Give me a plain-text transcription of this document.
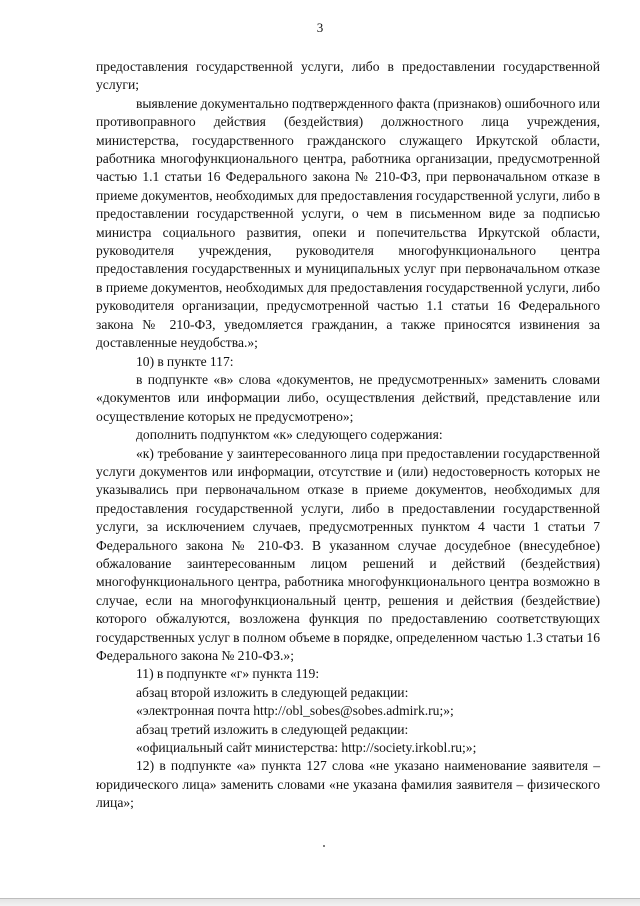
3

предоставления государственной услуги, либо в предоставлении государственной услуги;

выявление документально подтвержденного факта (признаков) ошибочного или противоправного действия (бездействия) должностного лица учреждения, министерства, государственного гражданского служащего Иркутской области, работника многофункционального центра, работника организации, предусмотренной частью 1.1 статьи 16 Федерального закона № 210-ФЗ, при первоначальном отказе в приеме документов, необходимых для предоставления государственной услуги, либо в предоставлении государственной услуги, о чем в письменном виде за подписью министра социального развития, опеки и попечительства Иркутской области, руководителя учреждения, руководителя многофункционального центра предоставления государственных и муниципальных услуг при первоначальном отказе в приеме документов, необходимых для предоставления государственной услуги, либо руководителя организации, предусмотренной частью 1.1 статьи 16 Федерального закона № 210-ФЗ, уведомляется гражданин, а также приносятся извинения за доставленные неудобства.»;

10) в пункте 117:

в подпункте «в» слова «документов, не предусмотренных» заменить словами «документов или информации либо, осуществления действий, представление или осуществление которых не предусмотрено»;

дополнить подпунктом «к» следующего содержания:

«к) требование у заинтересованного лица при предоставлении государственной услуги документов или информации, отсутствие и (или) недостоверность которых не указывались при первоначальном отказе в приеме документов, необходимых для предоставления государственной услуги, либо в предоставлении государственной услуги, за исключением случаев, предусмотренных пунктом 4 части 1 статьи 7 Федерального закона № 210-ФЗ. В указанном случае досудебное (внесудебное) обжалование заинтересованным лицом решений и действий (бездействия) многофункционального центра, работника многофункционального центра возможно в случае, если на многофункциональный центр, решения и действия (бездействие) которого обжалуются, возложена функция по предоставлению соответствующих государственных услуг в полном объеме в порядке, определенном частью 1.3 статьи 16 Федерального закона № 210-ФЗ.»;

11) в подпункте «г» пункта 119:

абзац второй изложить в следующей редакции:

«электронная почта http://obl_sobes@sobes.admirk.ru;»;

абзац третий изложить в следующей редакции:

«официальный сайт министерства: http://society.irkobl.ru;»;

12) в подпункте «а» пункта 127 слова «не указано наименование заявителя – юридического лица» заменить словами «не указана фамилия заявителя – физического лица»;
